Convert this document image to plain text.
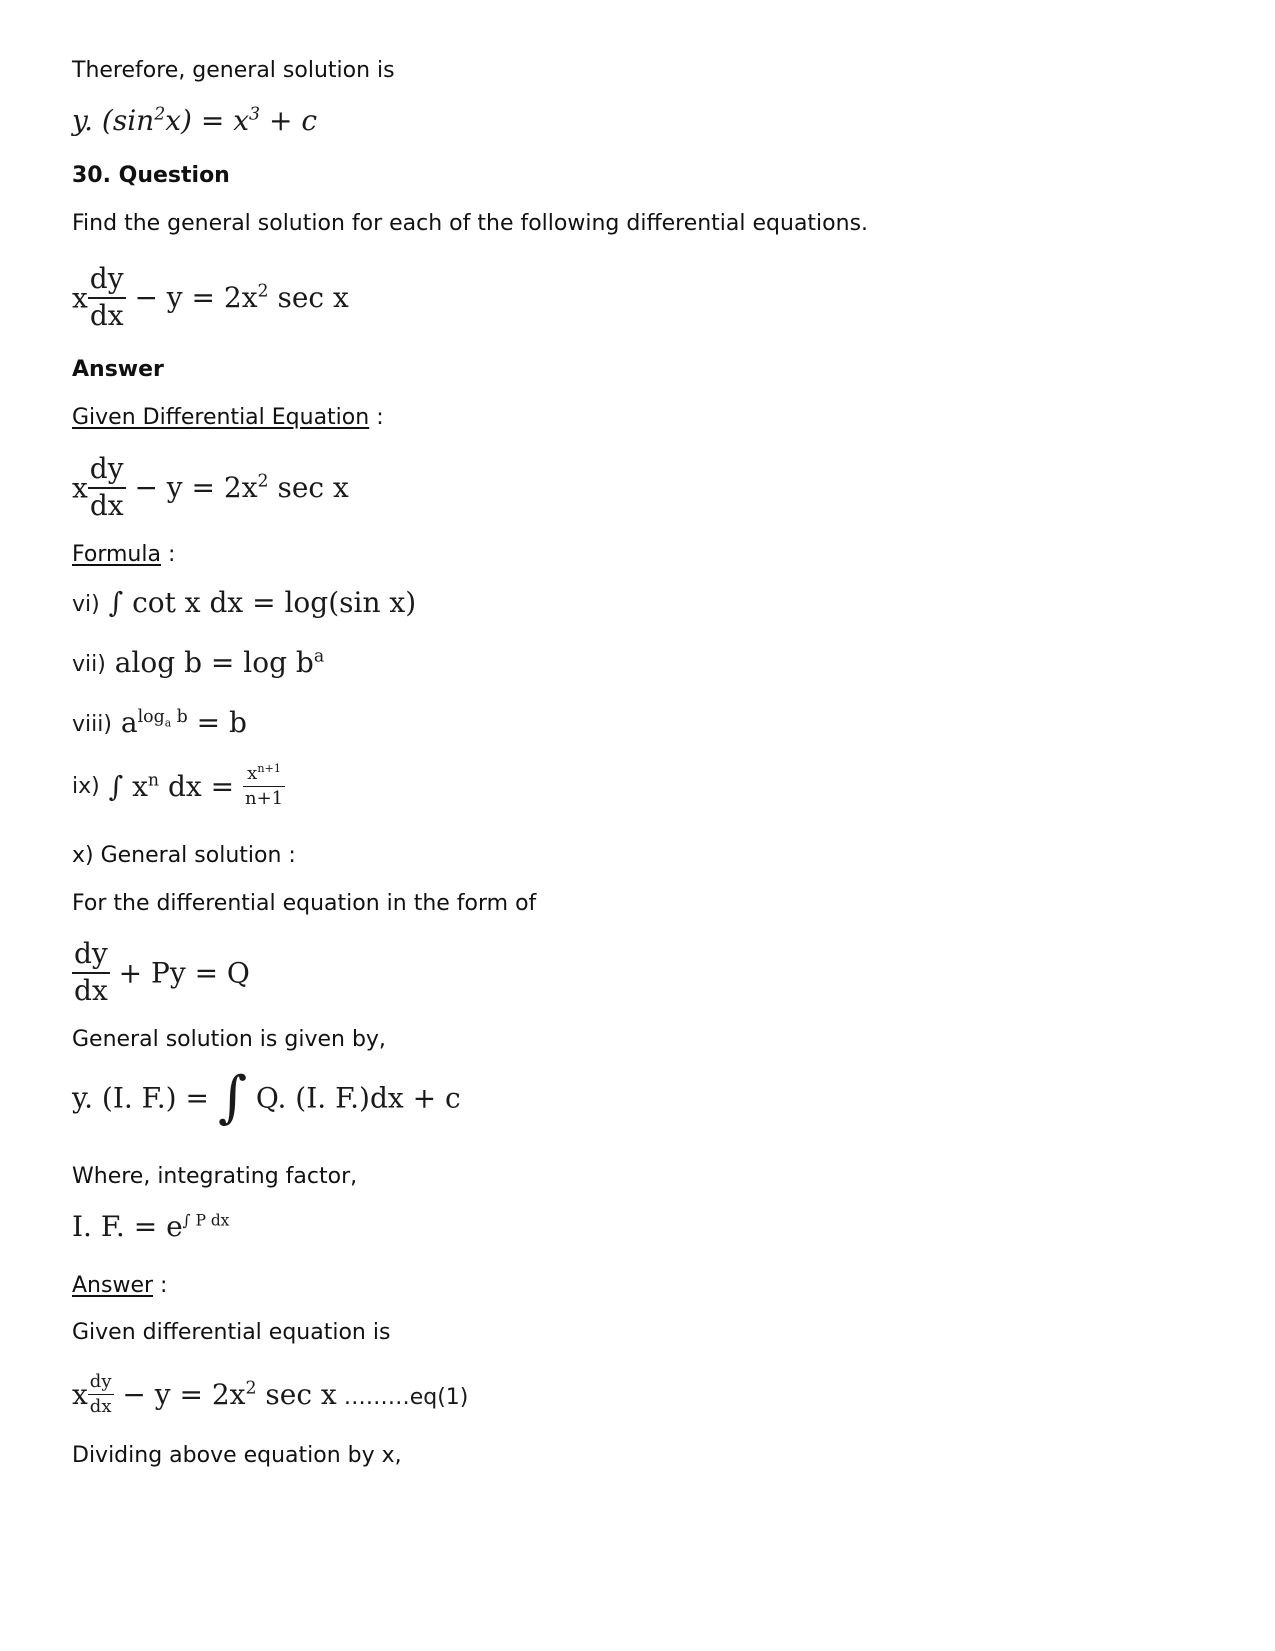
Therefore, general solution is
y. $(\sin^2x) = x^3 + c$
30. Question
Find the general solution for each of the following differential equations.
x $\frac{dy}{dx} - y = 2x^2$ sec x
Answer
Given Differential Equation :
x $\frac{dy}{dx} - y = 2x^2$ sec x
Formula :
vi) ∫ cot x dx = log(sin x)
vii) alog $b = \log b^a$
viii) $a^{log_a b} = b$
ix) ∫ $x^n$ dx = $\frac{x^{n+1}}{n+1}$
x) General solution :
For the differential equation in the form of
$\frac{dy}{dx} + Py = Q$
General solution is given by,
y. (I. F.) = ∫ Q. (I. F.)dx + c
Where, integrating factor,
I. F. = $e^{\int P dx}$
Answer :
Given differential equation is
x $\frac{dy}{dx} - y = 2x^2$ sec x ………eq(1)
Dividing above equation by x,
